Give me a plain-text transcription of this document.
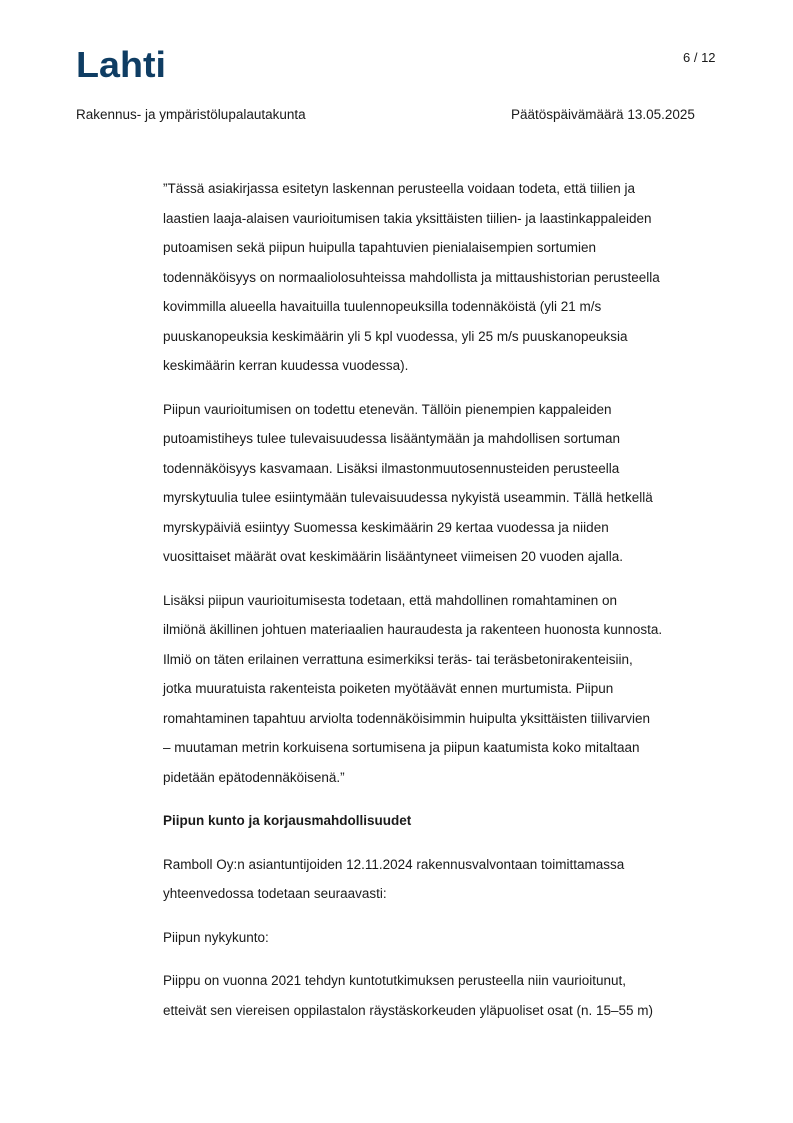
Lahti	6 / 12
Rakennus- ja ympäristölupalautakunta	Päätöspäivämäärä 13.05.2025

”Tässä asiakirjassa esitetyn laskennan perusteella voidaan todeta, että tiilien ja
laastien laaja-alaisen vaurioitumisen takia yksittäisten tiilien- ja laastinkappaleiden
putoamisen sekä piipun huipulla tapahtuvien pienialaisempien sortumien
todennäköisyys on normaaliolosuhteissa mahdollista ja mittaushistorian perusteella
kovimmilla alueella havaituilla tuulennopeuksilla todennäköistä (yli 21 m/s
puuskanopeuksia keskimäärin yli 5 kpl vuodessa, yli 25 m/s puuskanopeuksia
keskimäärin kerran kuudessa vuodessa).

Piipun vaurioitumisen on todettu etenevän. Tällöin pienempien kappaleiden
putoamistiheys tulee tulevaisuudessa lisääntymään ja mahdollisen sortuman
todennäköisyys kasvamaan. Lisäksi ilmastonmuutosennusteiden perusteella
myrskytuulia tulee esiintymään tulevaisuudessa nykyistä useammin. Tällä hetkellä
myrskypäiviä esiintyy Suomessa keskimäärin 29 kertaa vuodessa ja niiden
vuosittaiset määrät ovat keskimäärin lisääntyneet viimeisen 20 vuoden ajalla.

Lisäksi piipun vaurioitumisesta todetaan, että mahdollinen romahtaminen on
ilmiönä äkillinen johtuen materiaalien hauraudesta ja rakenteen huonosta kunnosta.
Ilmiö on täten erilainen verrattuna esimerkiksi teräs- tai teräsbetonirakenteisiin,
jotka muuratuista rakenteista poiketen myötäävät ennen murtumista. Piipun
romahtaminen tapahtuu arviolta todennäköisimmin huipulta yksittäisten tiilivarvien
– muutaman metrin korkuisena sortumisena ja piipun kaatumista koko mitaltaan
pidetään epätodennäköisenä.”

Piipun kunto ja korjausmahdollisuudet

Ramboll Oy:n asiantuntijoiden 12.11.2024 rakennusvalvontaan toimittamassa
yhteenvedossa todetaan seuraavasti:

Piipun nykykunto:

Piippu on vuonna 2021 tehdyn kuntotutkimuksen perusteella niin vaurioitunut,
etteivät sen viereisen oppilastalon räystäskorkeuden yläpuoliset osat (n. 15–55 m)
